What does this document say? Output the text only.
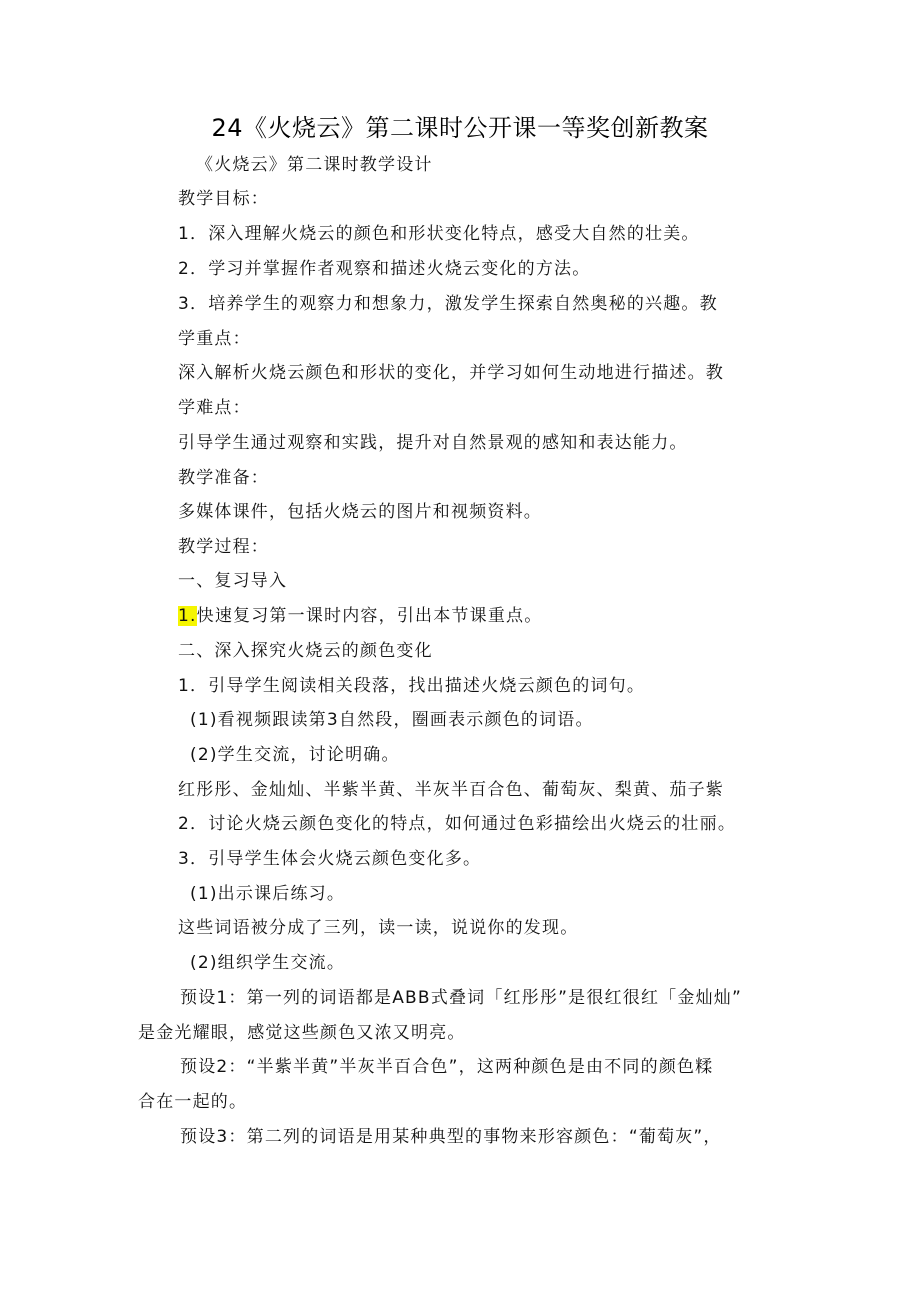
24《火烧云》第二课时公开课一等奖创新教案
《火烧云》第二课时教学设计
教学目标：
1．深入理解火烧云的颜色和形状变化特点，感受大自然的壮美。
2．学习并掌握作者观察和描述火烧云变化的方法。
3．培养学生的观察力和想象力，激发学生探索自然奥秘的兴趣。教
学重点：
深入解析火烧云颜色和形状的变化，并学习如何生动地进行描述。教
学难点：
引导学生通过观察和实践，提升对自然景观的感知和表达能力。
教学准备：
多媒体课件，包括火烧云的图片和视频资料。
教学过程：
一、复习导入
1.快速复习第一课时内容，引出本节课重点。
二、深入探究火烧云的颜色变化
1．引导学生阅读相关段落，找出描述火烧云颜色的词句。
(1)看视频跟读第3自然段，圈画表示颜色的词语。
(2)学生交流，讨论明确。
红彤彤、金灿灿、半紫半黄、半灰半百合色、葡萄灰、梨黄、茄子紫
2．讨论火烧云颜色变化的特点，如何通过色彩描绘出火烧云的壮丽。
3．引导学生体会火烧云颜色变化多。
(1)出示课后练习。
这些词语被分成了三列，读一读，说说你的发现。
(2)组织学生交流。
预设1：第一列的词语都是ABB式叠词「红彤彤”是很红很红「金灿灿”
是金光耀眼，感觉这些颜色又浓又明亮。
预设2：“半紫半黄”半灰半百合色”，这两种颜色是由不同的颜色糅
合在一起的。
预设3：第二列的词语是用某种典型的事物来形容颜色：“葡萄灰”，
